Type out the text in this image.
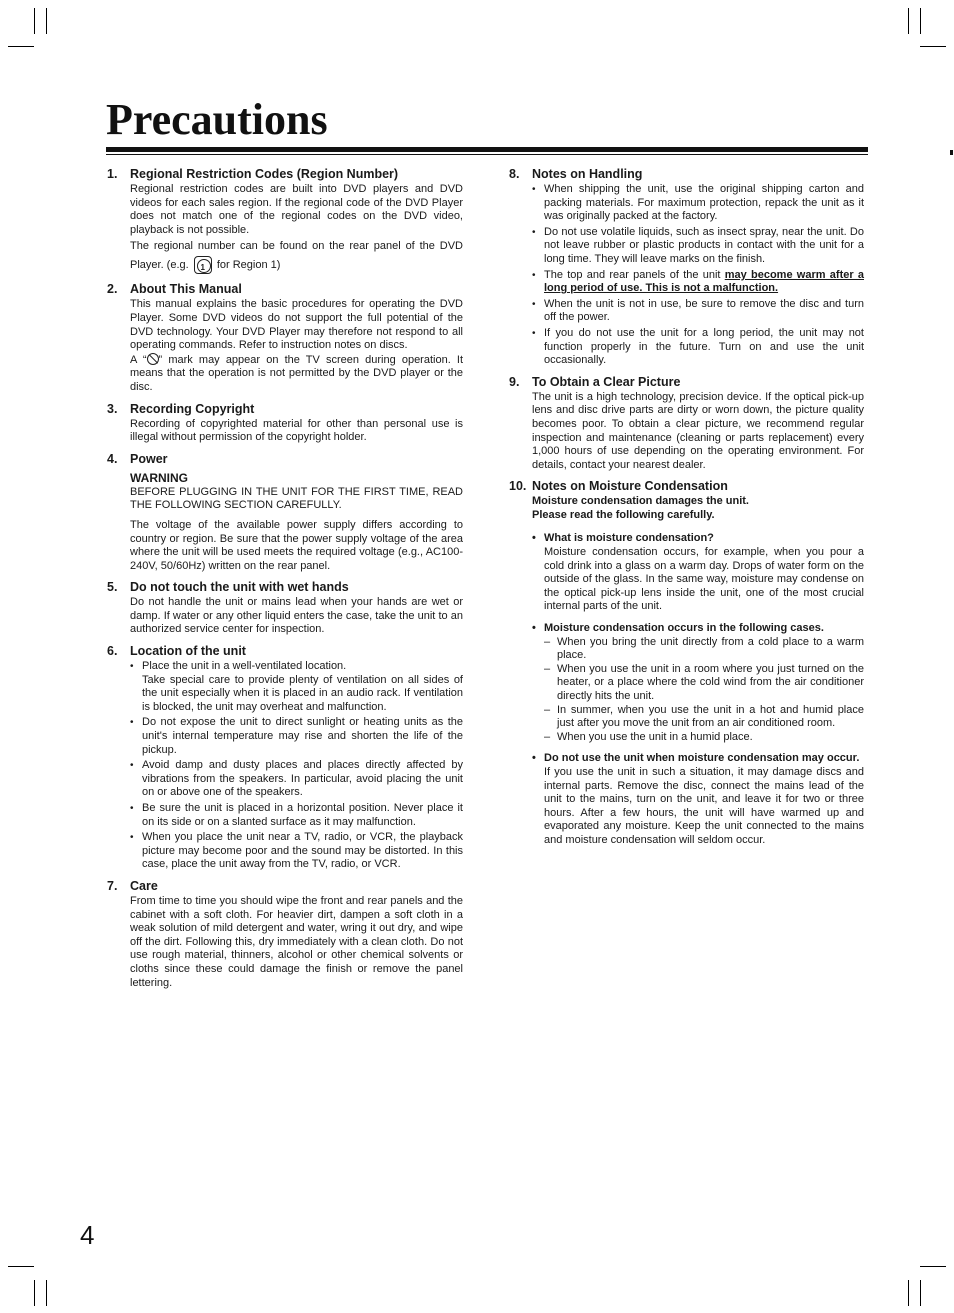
Precautions
1.	Regional Restriction Codes (Region Number)

Regional restriction codes are built into DVD players and DVD videos for each sales region. If the regional code of the DVD Player does not match one of the regional codes on the DVD video, playback is not possible.

The regional number can be found on the rear panel of the DVD Player. (e.g.	1	for Region 1)

2.	About This Manual

This manual explains the basic procedures for operating the DVD Player. Some DVD videos do not support the full potential of the DVD technology. Your DVD Player may therefore not respond to all operating commands. Refer to instruction notes on discs.

A “ ” mark may appear on the TV screen during operation. It means that the operation is not permitted by the DVD player or the disc.

3.	Recording Copyright

Recording of copyrighted material for other than personal use is illegal without permission of the copyright holder.

4.	Power
WARNING

BEFORE PLUGGING IN THE UNIT FOR THE FIRST TIME, READ THE FOLLOWING SECTION CAREFULLY.

The voltage of the available power supply differs according to country or region. Be sure that the power supply voltage of the area where the unit will be used meets the required voltage (e.g., AC100-240V, 50/60Hz) written on the rear panel.

5.	Do not touch the unit with wet hands

Do not handle the unit or mains lead when your hands are wet or damp. If water or any other liquid enters the case, take the unit to an authorized service center for inspection.

6.	Location of the unit
• Place the unit in a well-ventilated location.
Take special care to provide plenty of ventilation on all sides of the unit especially when it is placed in an audio rack. If ventilation is blocked, the unit may overheat and malfunction.
• Do not expose the unit to direct sunlight or heating units as the unit's internal temperature may rise and shorten the life of the pickup.
• Avoid damp and dusty places and places directly affected by vibrations from the speakers. In particular, avoid placing the unit on or above one of the speakers.
• Be sure the unit is placed in a horizontal position. Never place it on its side or on a slanted surface as it may malfunction.
• When you place the unit near a TV, radio, or VCR, the playback picture may become poor and the sound may be distorted. In this case, place the unit away from the TV, radio, or VCR.
7.	Care

From time to time you should wipe the front and rear panels and the cabinet with a soft cloth. For heavier dirt, dampen a soft cloth in a weak solution of mild detergent and water, wring it out dry, and wipe off the dirt. Following this, dry immediately with a clean cloth. Do not use rough material, thinners, alcohol or other chemical solvents or cloths since these could damage the finish or remove the panel lettering.

8.	Notes on Handling
• When shipping the unit, use the original shipping carton and packing materials. For maximum protection, repack the unit as it was originally packed at the factory.
• Do not use volatile liquids, such as insect spray, near the unit. Do not leave rubber or plastic products in contact with the unit for a long time. They will leave marks on the finish.
• The top and rear panels of the unit may become warm after a long period of use. This is not a malfunction.
• When the unit is not in use, be sure to remove the disc and turn off the power.
• If you do not use the unit for a long period, the unit may not function properly in the future. Turn on and use the unit occasionally.
9.	To Obtain a Clear Picture

The unit is a high technology, precision device. If the optical pick-up lens and disc drive parts are dirty or worn down, the picture quality becomes poor. To obtain a clear picture, we recommend regular inspection and maintenance (cleaning or parts replacement) every 1,000 hours of use depending on the operating environment. For details, contact your nearest dealer.

10. Notes on Moisture Condensation

Moisture condensation damages the unit.

Please read the following carefully.

• What is moisture condensation?
Moisture condensation occurs, for example, when you pour a cold drink into a glass on a warm day. Drops of water form on the outside of the glass. In the same way, moisture may condense on the optical pick-up lens inside the unit, one of the most crucial internal parts of the unit.
• Moisture condensation occurs in the following cases.
– When you bring the unit directly from a cold place to a warm place.
– When you use the unit in a room where you just turned on the heater, or a place where the cold wind from the air conditioner directly hits the unit.
– In summer, when you use the unit in a hot and humid place just after you move the unit from an air conditioned room.
– When you use the unit in a humid place.
• Do not use the unit when moisture condensation may occur.
If you use the unit in such a situation, it may damage discs and internal parts. Remove the disc, connect the mains lead of the unit to the mains, turn on the unit, and leave it for two or three hours. After a few hours, the unit will have warmed up and evaporated any moisture. Keep the unit connected to the mains and moisture condensation will seldom occur.
4
